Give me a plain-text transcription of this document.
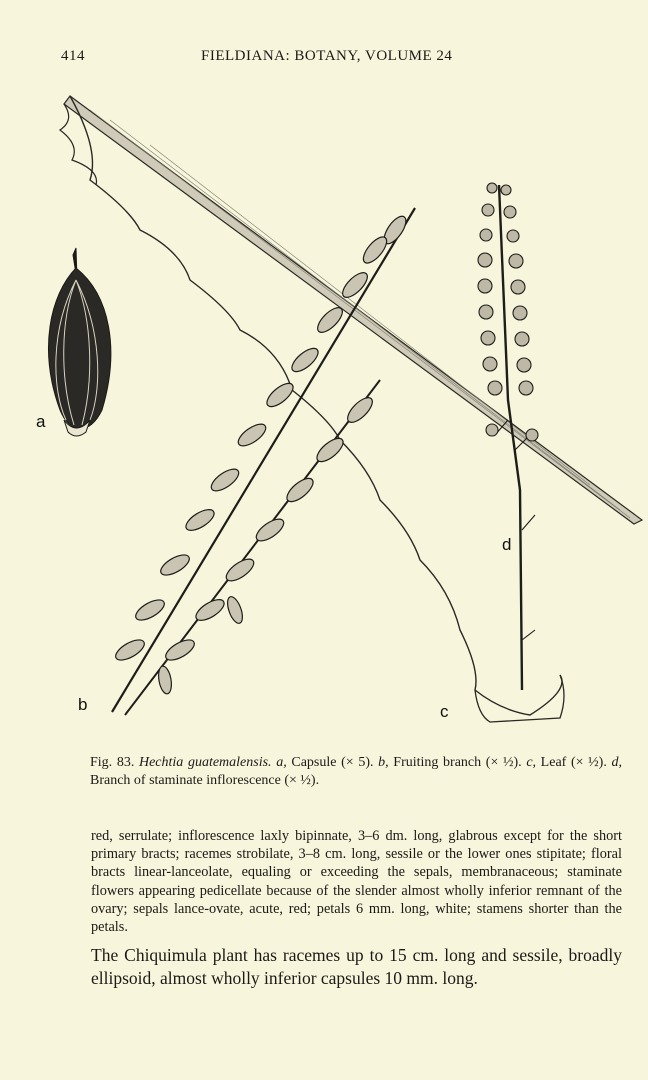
414	FIELDIANA: BOTANY, VOLUME 24
a
b	c
d
Fig. 83. Hechtia guatemalensis. a, Capsule (× 5). b, Fruiting branch (× ½). c, Leaf (× ½). d, Branch of staminate inflorescence (× ½).

red, serrulate; inflorescence laxly bipinnate, 3–6 dm. long, glabrous except for the short primary bracts; racemes strobilate, 3–8 cm. long, sessile or the lower ones stipitate; floral bracts linear-lanceolate, equaling or exceeding the sepals, membranaceous; staminate flowers appearing pedicellate because of the slender almost wholly inferior remnant of the ovary; sepals lance-ovate, acute, red; petals 6 mm. long, white; stamens shorter than the petals.

The Chiquimula plant has racemes up to 15 cm. long and sessile, broadly ellipsoid, almost wholly inferior capsules 10 mm. long.
